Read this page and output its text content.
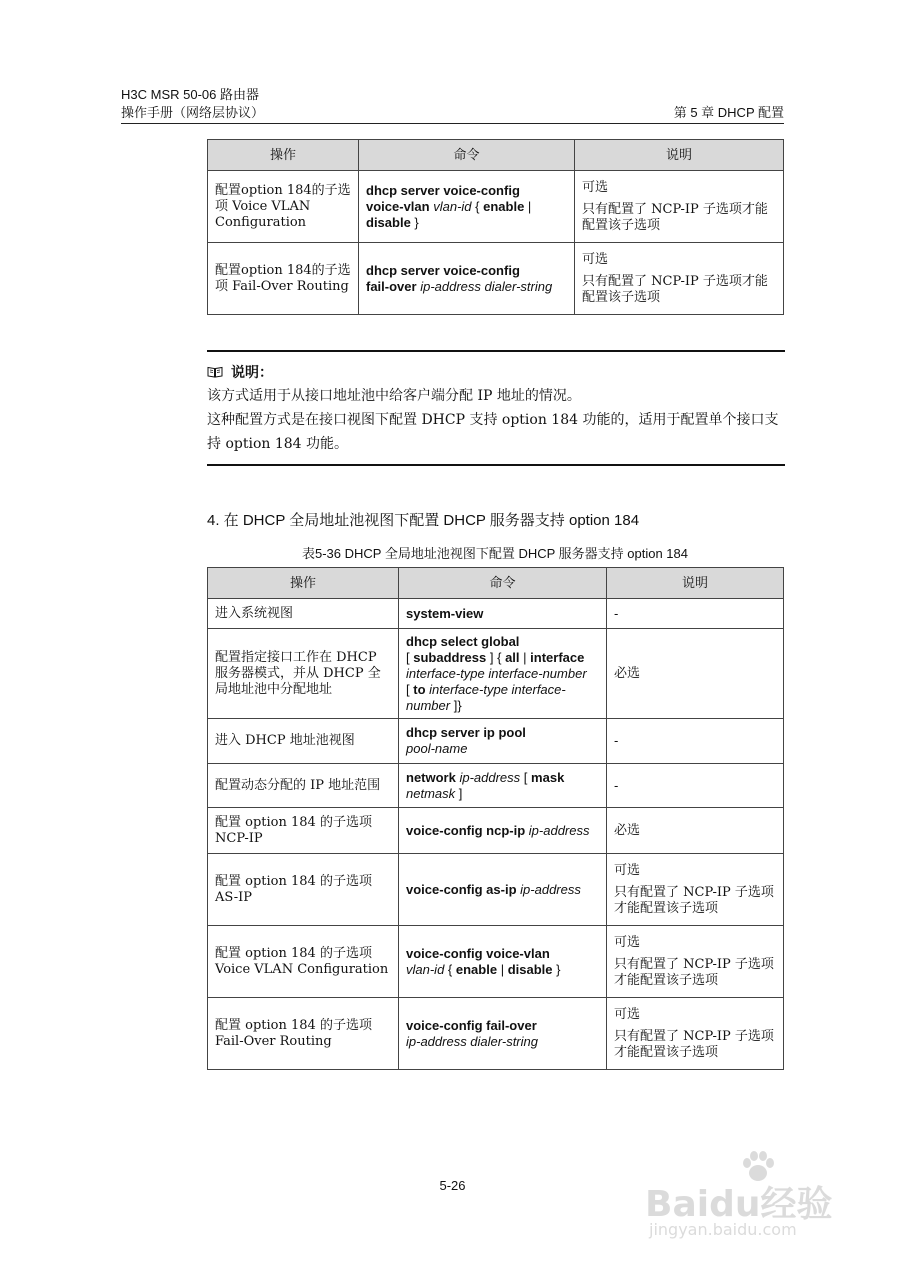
H3C MSR 50-06 路由器
操作手册（网络层协议）	第 5 章 DHCP 配置
操作	命令	说明
配置option 184的子选项 Voice VLAN Configuration	dhcp server voice-config
voice-vlan vlan-id { enable |
disable }	可选
只有配置了 NCP-IP 子选项才能配置该子选项
配置option 184的子选项 Fail-Over Routing	dhcp server voice-config
fail-over ip-address dialer-string	可选
只有配置了 NCP-IP 子选项才能配置该子选项
说明：
该方式适用于从接口地址池中给客户端分配 IP 地址的情况。
这种配置方式是在接口视图下配置 DHCP 支持 option 184 功能的，适用于配置单个接口支持 option 184 功能。
4. 在 DHCP 全局地址池视图下配置 DHCP 服务器支持 option 184
表5-36 DHCP 全局地址池视图下配置 DHCP 服务器支持 option 184
操作	命令	说明
进入系统视图	system-view	-
配置指定接口工作在 DHCP 服务器模式，并从 DHCP 全局地址池中分配地址	dhcp select global
[ subaddress ] { all | interface
interface-type interface-number
[ to interface-type interface-number ]}	必选
进入 DHCP 地址池视图	dhcp server ip pool
pool-name	-
配置动态分配的 IP 地址范围	network ip-address [ mask
netmask ]	-
配置 option 184 的子选项 NCP-IP	voice-config ncp-ip ip-address	必选
配置 option 184 的子选项 AS-IP	voice-config as-ip ip-address	可选
只有配置了 NCP-IP 子选项才能配置该子选项
配置 option 184 的子选项 Voice VLAN Configuration	voice-config voice-vlan
vlan-id { enable | disable }	可选
只有配置了 NCP-IP 子选项才能配置该子选项
配置 option 184 的子选项 Fail-Over Routing	voice-config fail-over
ip-address dialer-string	可选
只有配置了 NCP-IP 子选项才能配置该子选项
5-26	Baidu经验
jingyan.baidu.com
